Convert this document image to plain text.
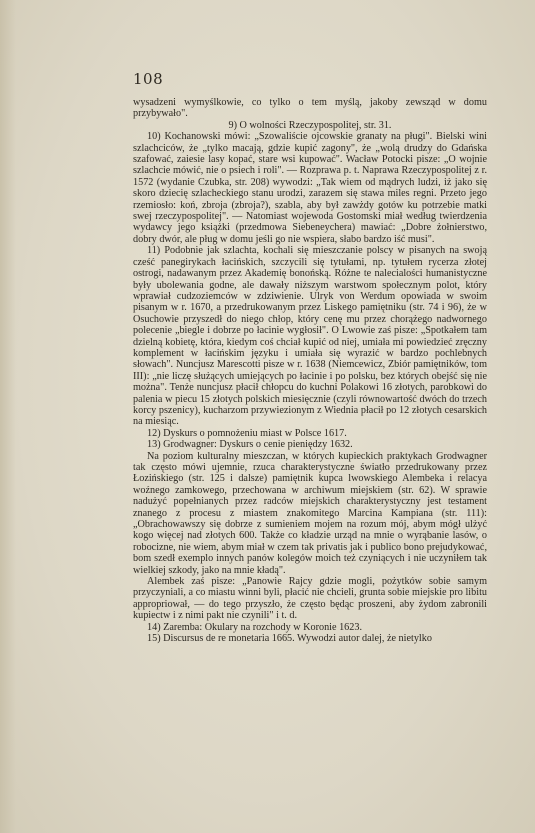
108

wysadzeni wymyślkowie, co tylko o tem myślą, jakoby zewsząd w domu przybywało".

9) O wolności Rzeczypospolitej, str. 31.

10) Kochanowski mówi: „Szowaliście ojcowskie granaty na pługi". Bielski wini szlachciców, że „tylko macają, gdzie kupić zagony", że „wolą drudzy do Gdańska szafować, zaiesie lasy kopać, stare wsi kupować". Wacław Potocki pisze: „O wojnie szlachcie mówić, nie o psiech i roli". — Rozprawa p. t. Naprawa Rzeczypospolitej z r. 1572 (wydanie Czubka, str. 208) wywodzi: „Tak wiem od mądrych ludzi, iż jako się skoro dziecię szlacheckiego stanu urodzi, zarazem się stawa miles regni. Przeto jego rzemiosło: koń, zbroja (zbroja?), szabla, aby był zawżdy gotów ku potrzebie matki swej rzeczypospolitej". — Natomiast wojewoda Gostomski miał według twierdzenia wydawcy jego książki (przedmowa Siebeneychera) mawiać: „Dobre żołnierstwo, dobry dwór, ale pług w domu jeśli go nie wspiera, słabo bardzo iść musi".

11) Podobnie jak szlachta, kochali się mieszczanie polscy w pisanych na swoją cześć panegirykach łacińskich, szczycili się tytułami, np. tytułem rycerza złotej ostrogi, nadawanym przez Akademię bonońską. Różne te nalecialości humanistyczne były ubolewania godne, ale dawały niższym warstwom społecznym polot, który wprawiał cudzoziemców w zdziwienie. Ulryk von Werdum opowiada w swoim pisanym w r. 1670, a przedrukowanym przez Liskego pamiętniku (str. 74 i 96), że w Osuchowie przyszedł do niego chłop, który cenę mu przez chorążego nadwornego polecenie „biegle i dobrze po łacinie wygłosił". O Lwowie zaś pisze: „Spotkałem tam dzielną kobietę, która, kiedym coś chciał kupić od niej, umiała mi powiedzieć zręczny komplement w łacińskim języku i umiała się wyrazić w bardzo pochlebnych słowach". Nuncjusz Marescotti pisze w r. 1638 (Niemcewicz, Zbiór pamiętników, tom III): „nie liczę służących umiejących po łacinie i po polsku, bez których obejść się nie można". Tenże nuncjusz płacił chłopcu do kuchni Polakowi 16 złotych, parobkowi do palenia w piecu 15 złotych polskich miesięcznie (czyli równowartość dwóch do trzech korcy pszenicy), kucharzom przywiezionym z Wiednia płacił po 12 złotych cesarskich na miesiąc.

12) Dyskurs o pomnożeniu miast w Polsce 1617.

13) Grodwagner: Dyskurs o cenie pieniędzy 1632.

Na poziom kulturalny mieszczan, w których kupieckich praktykach Grodwagner tak często mówi ujemnie, rzuca charakterystyczne światło przedrukowany przez Łozińskiego (str. 125 i dalsze) pamiętnik kupca lwowskiego Alembeka i relacya woźnego zamkowego, przechowana w archiwum miejskiem (str. 62). W sprawie nadużyć popełnianych przez radców miejskich charakterystyczny jest testament znanego z procesu z miastem znakomitego Marcina Kampiana (str. 111): „Obrachowawszy się dobrze z sumieniem mojem na rozum mój, abym mógł ulżyć kogo więcej nad złotych 600. Także co kładzie urząd na mnie o wyrąbanie lasów, o robocizne, nie wiem, abym miał w czem tak privatis jak i publico bono prejudykować, bom szedł exemplo innych panów kolegów moich też czyniących i nie uczyniłem tak wielkiej szkody, jako na mnie kładą".

Alembek zaś pisze: „Panowie Rajcy gdzie mogli, pożytków sobie samym przyczyniali, a co miastu winni byli, płacić nie chcieli, grunta sobie miejskie pro libitu appropriował, — do tego przyszło, że często będąc proszeni, aby żydom zabronili kupiectw i z nimi pakt nie czynili" i t. d.

14) Zaremba: Okulary na rozchody w Koronie 1623.

15) Discursus de re monetaria 1665. Wywodzi autor dalej, że nietylko
